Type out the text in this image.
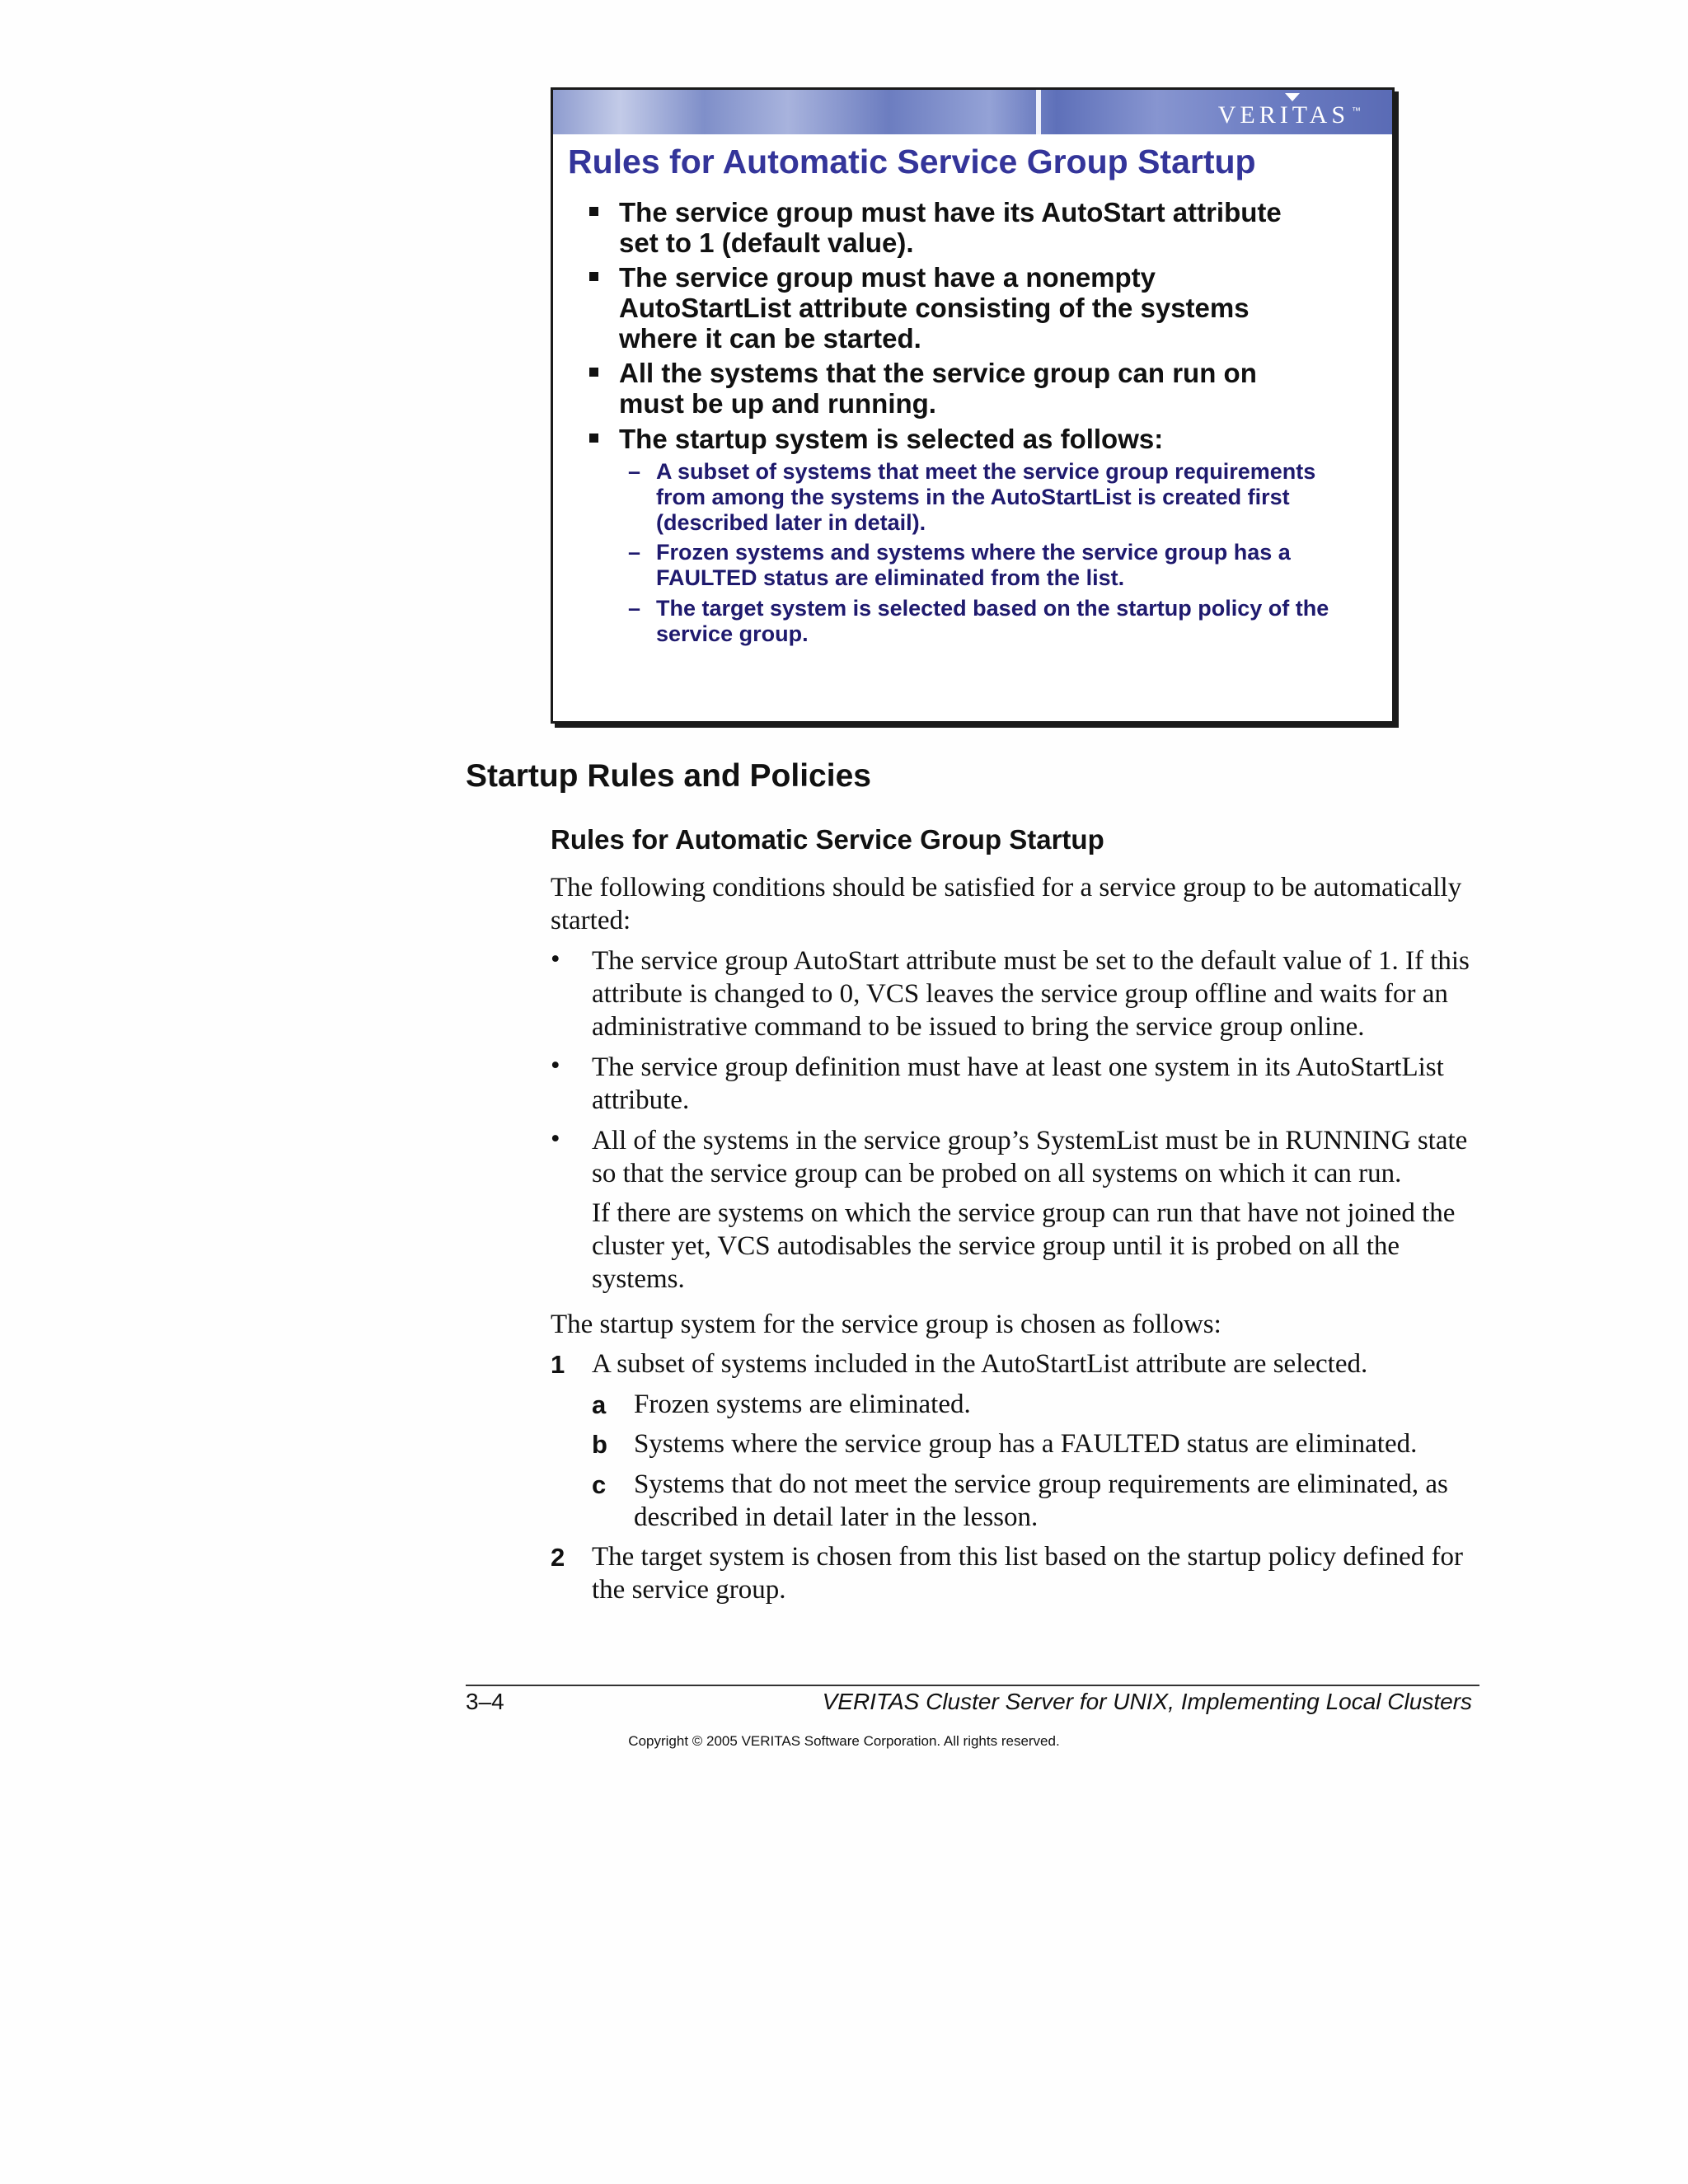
VERITAS ™
Rules for Automatic Service Group Startup
The service group must have its AutoStart attribute set to 1 (default value).
The service group must have a nonempty AutoStartList attribute consisting of the systems where it can be started.
All the systems that the service group can run on must be up and running.
The startup system is selected as follows:
– A subset of systems that meet the service group requirements from among the systems in the AutoStartList is created first (described later in detail).
– Frozen systems and systems where the service group has a FAULTED status are eliminated from the list.
– The target system is selected based on the startup policy of the service group.
Startup Rules and Policies
Rules for Automatic Service Group Startup
The following conditions should be satisfied for a service group to be automatically started:
• The service group AutoStart attribute must be set to the default value of 1. If this attribute is changed to 0, VCS leaves the service group offline and waits for an administrative command to be issued to bring the service group online.
• The service group definition must have at least one system in its AutoStartList attribute.
• All of the systems in the service group’s SystemList must be in RUNNING state so that the service group can be probed on all systems on which it can run.
If there are systems on which the service group can run that have not joined the cluster yet, VCS autodisables the service group until it is probed on all the systems.
The startup system for the service group is chosen as follows:
1 A subset of systems included in the AutoStartList attribute are selected.
a Frozen systems are eliminated.
b Systems where the service group has a FAULTED status are eliminated.
c Systems that do not meet the service group requirements are eliminated, as described in detail later in the lesson.
2 The target system is chosen from this list based on the startup policy defined for the service group.
3–4	VERITAS Cluster Server for UNIX, Implementing Local Clusters
Copyright © 2005 VERITAS Software Corporation. All rights reserved.
